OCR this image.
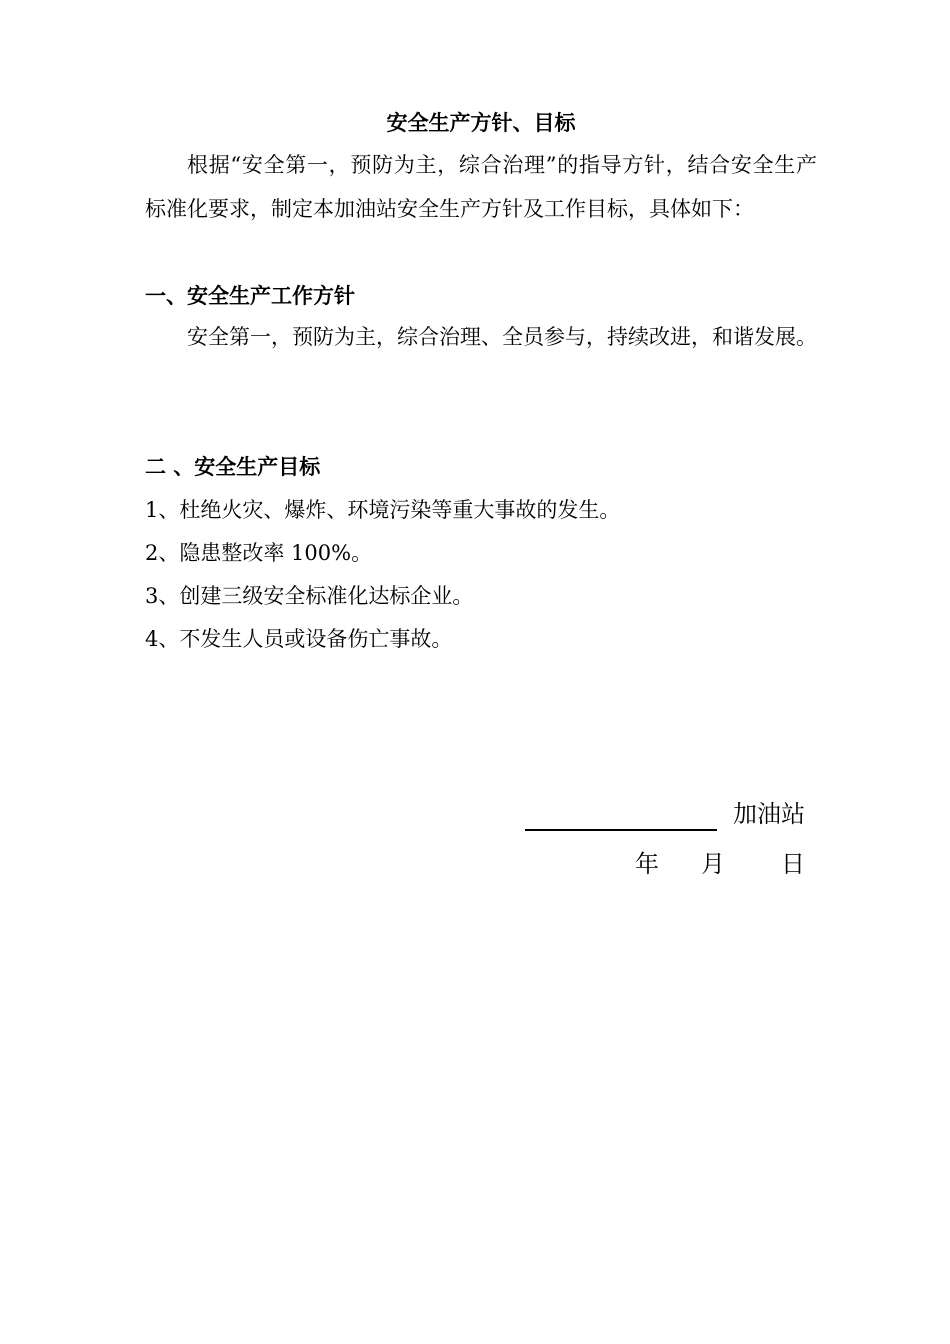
安全生产方针、目标

根据“安全第一，预防为主，综合治理”的指导方针，结合安全生产标准化要求，制定本加油站安全生产方针及工作目标，具体如下：

一、安全生产工作方针

安全第一，预防为主，综合治理、全员参与，持续改进，和谐发展。

二 、安全生产目标
1、杜绝火灾、爆炸、环境污染等重大事故的发生。
2、隐患整改率 100%。
3、创建三级安全标准化达标企业。
4、不发生人员或设备伤亡事故。

加油站

年 月 日
